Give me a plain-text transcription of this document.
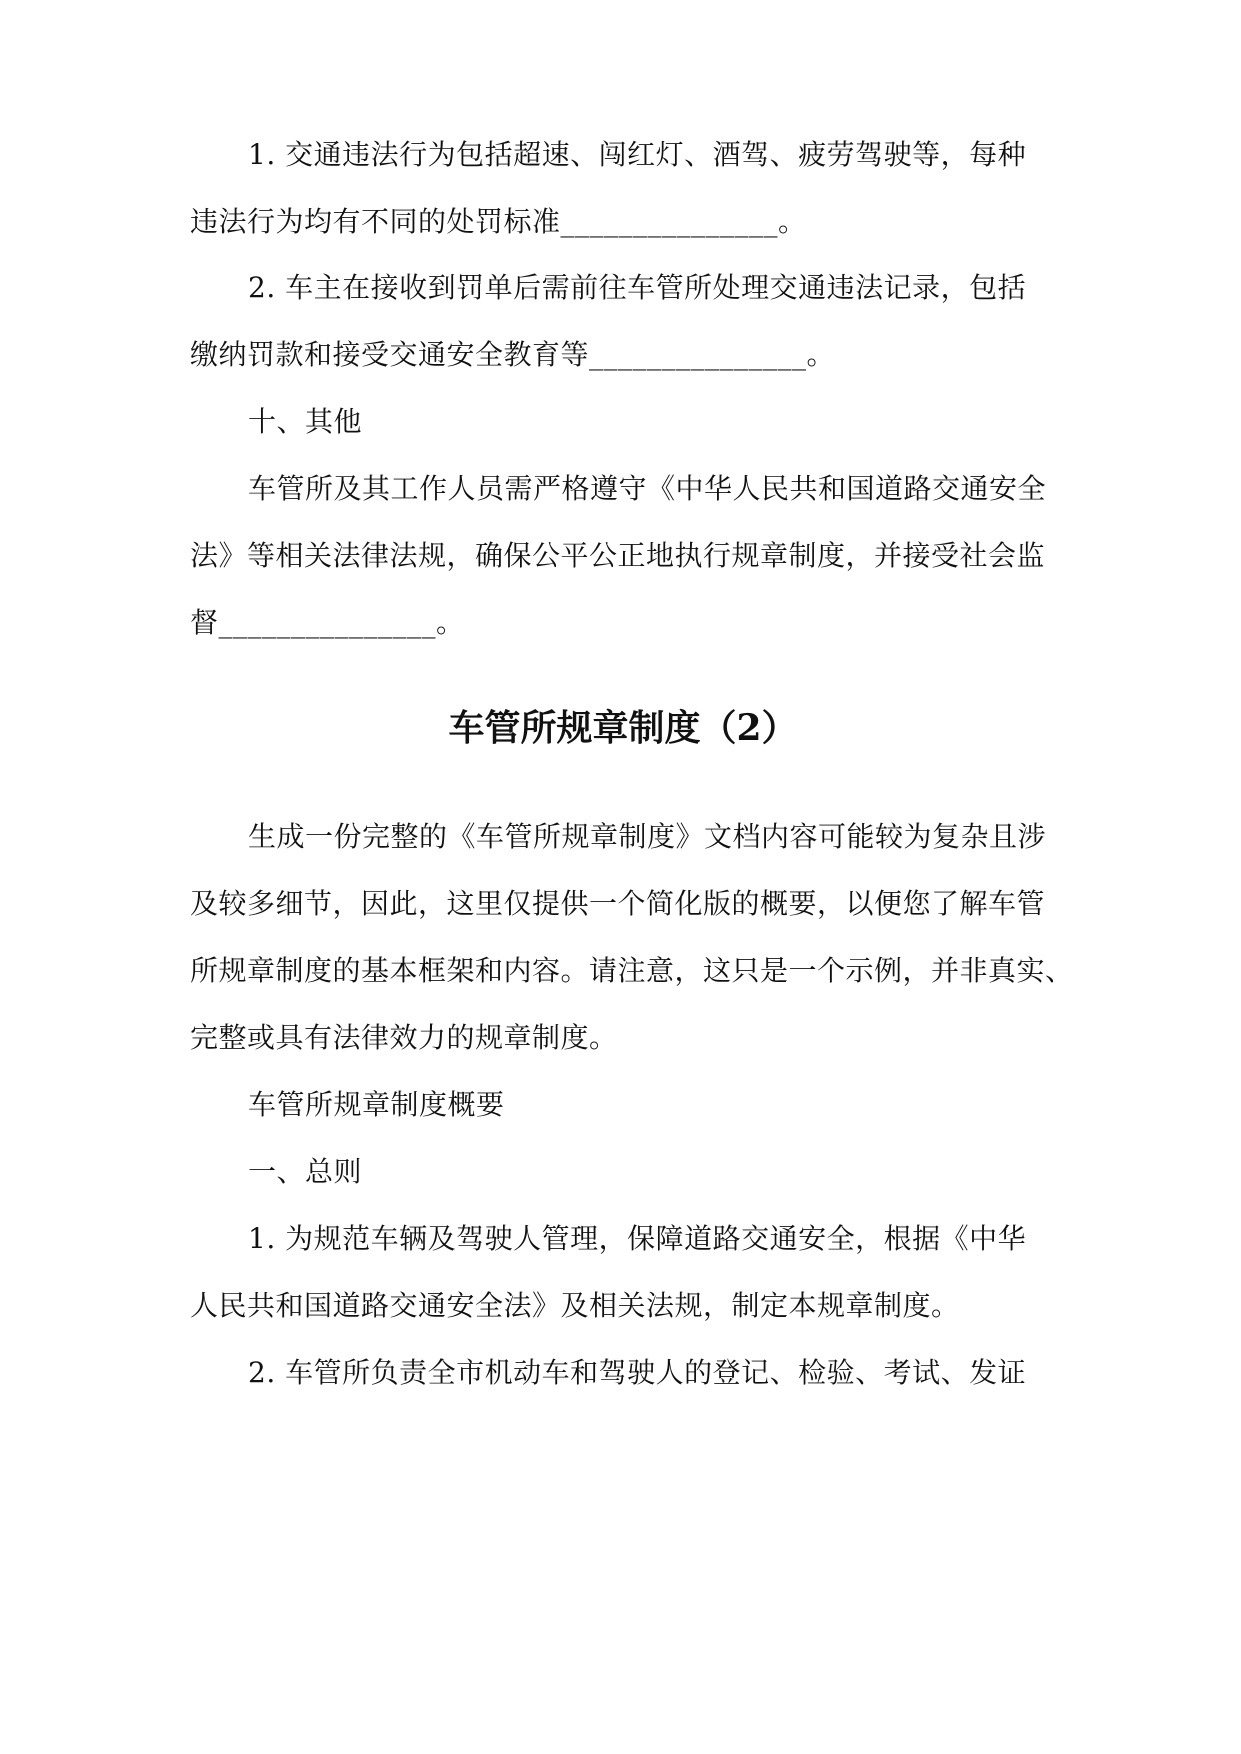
1. 交通违法行为包括超速、闯红灯、酒驾、疲劳驾驶等，每种
违法行为均有不同的处罚标准_______________。
2. 车主在接收到罚单后需前往车管所处理交通违法记录，包括
缴纳罚款和接受交通安全教育等_______________。
十、其他
车管所及其工作人员需严格遵守《中华人民共和国道路交通安全
法》等相关法律法规，确保公平公正地执行规章制度，并接受社会监
督_______________。
车管所规章制度（2）
生成一份完整的《车管所规章制度》文档内容可能较为复杂且涉
及较多细节，因此，这里仅提供一个简化版的概要，以便您了解车管
所规章制度的基本框架和内容。请注意，这只是一个示例，并非真实、
完整或具有法律效力的规章制度。
车管所规章制度概要
一、总则
1. 为规范车辆及驾驶人管理，保障道路交通安全，根据《中华
人民共和国道路交通安全法》及相关法规，制定本规章制度。
2. 车管所负责全市机动车和驾驶人的登记、检验、考试、发证
